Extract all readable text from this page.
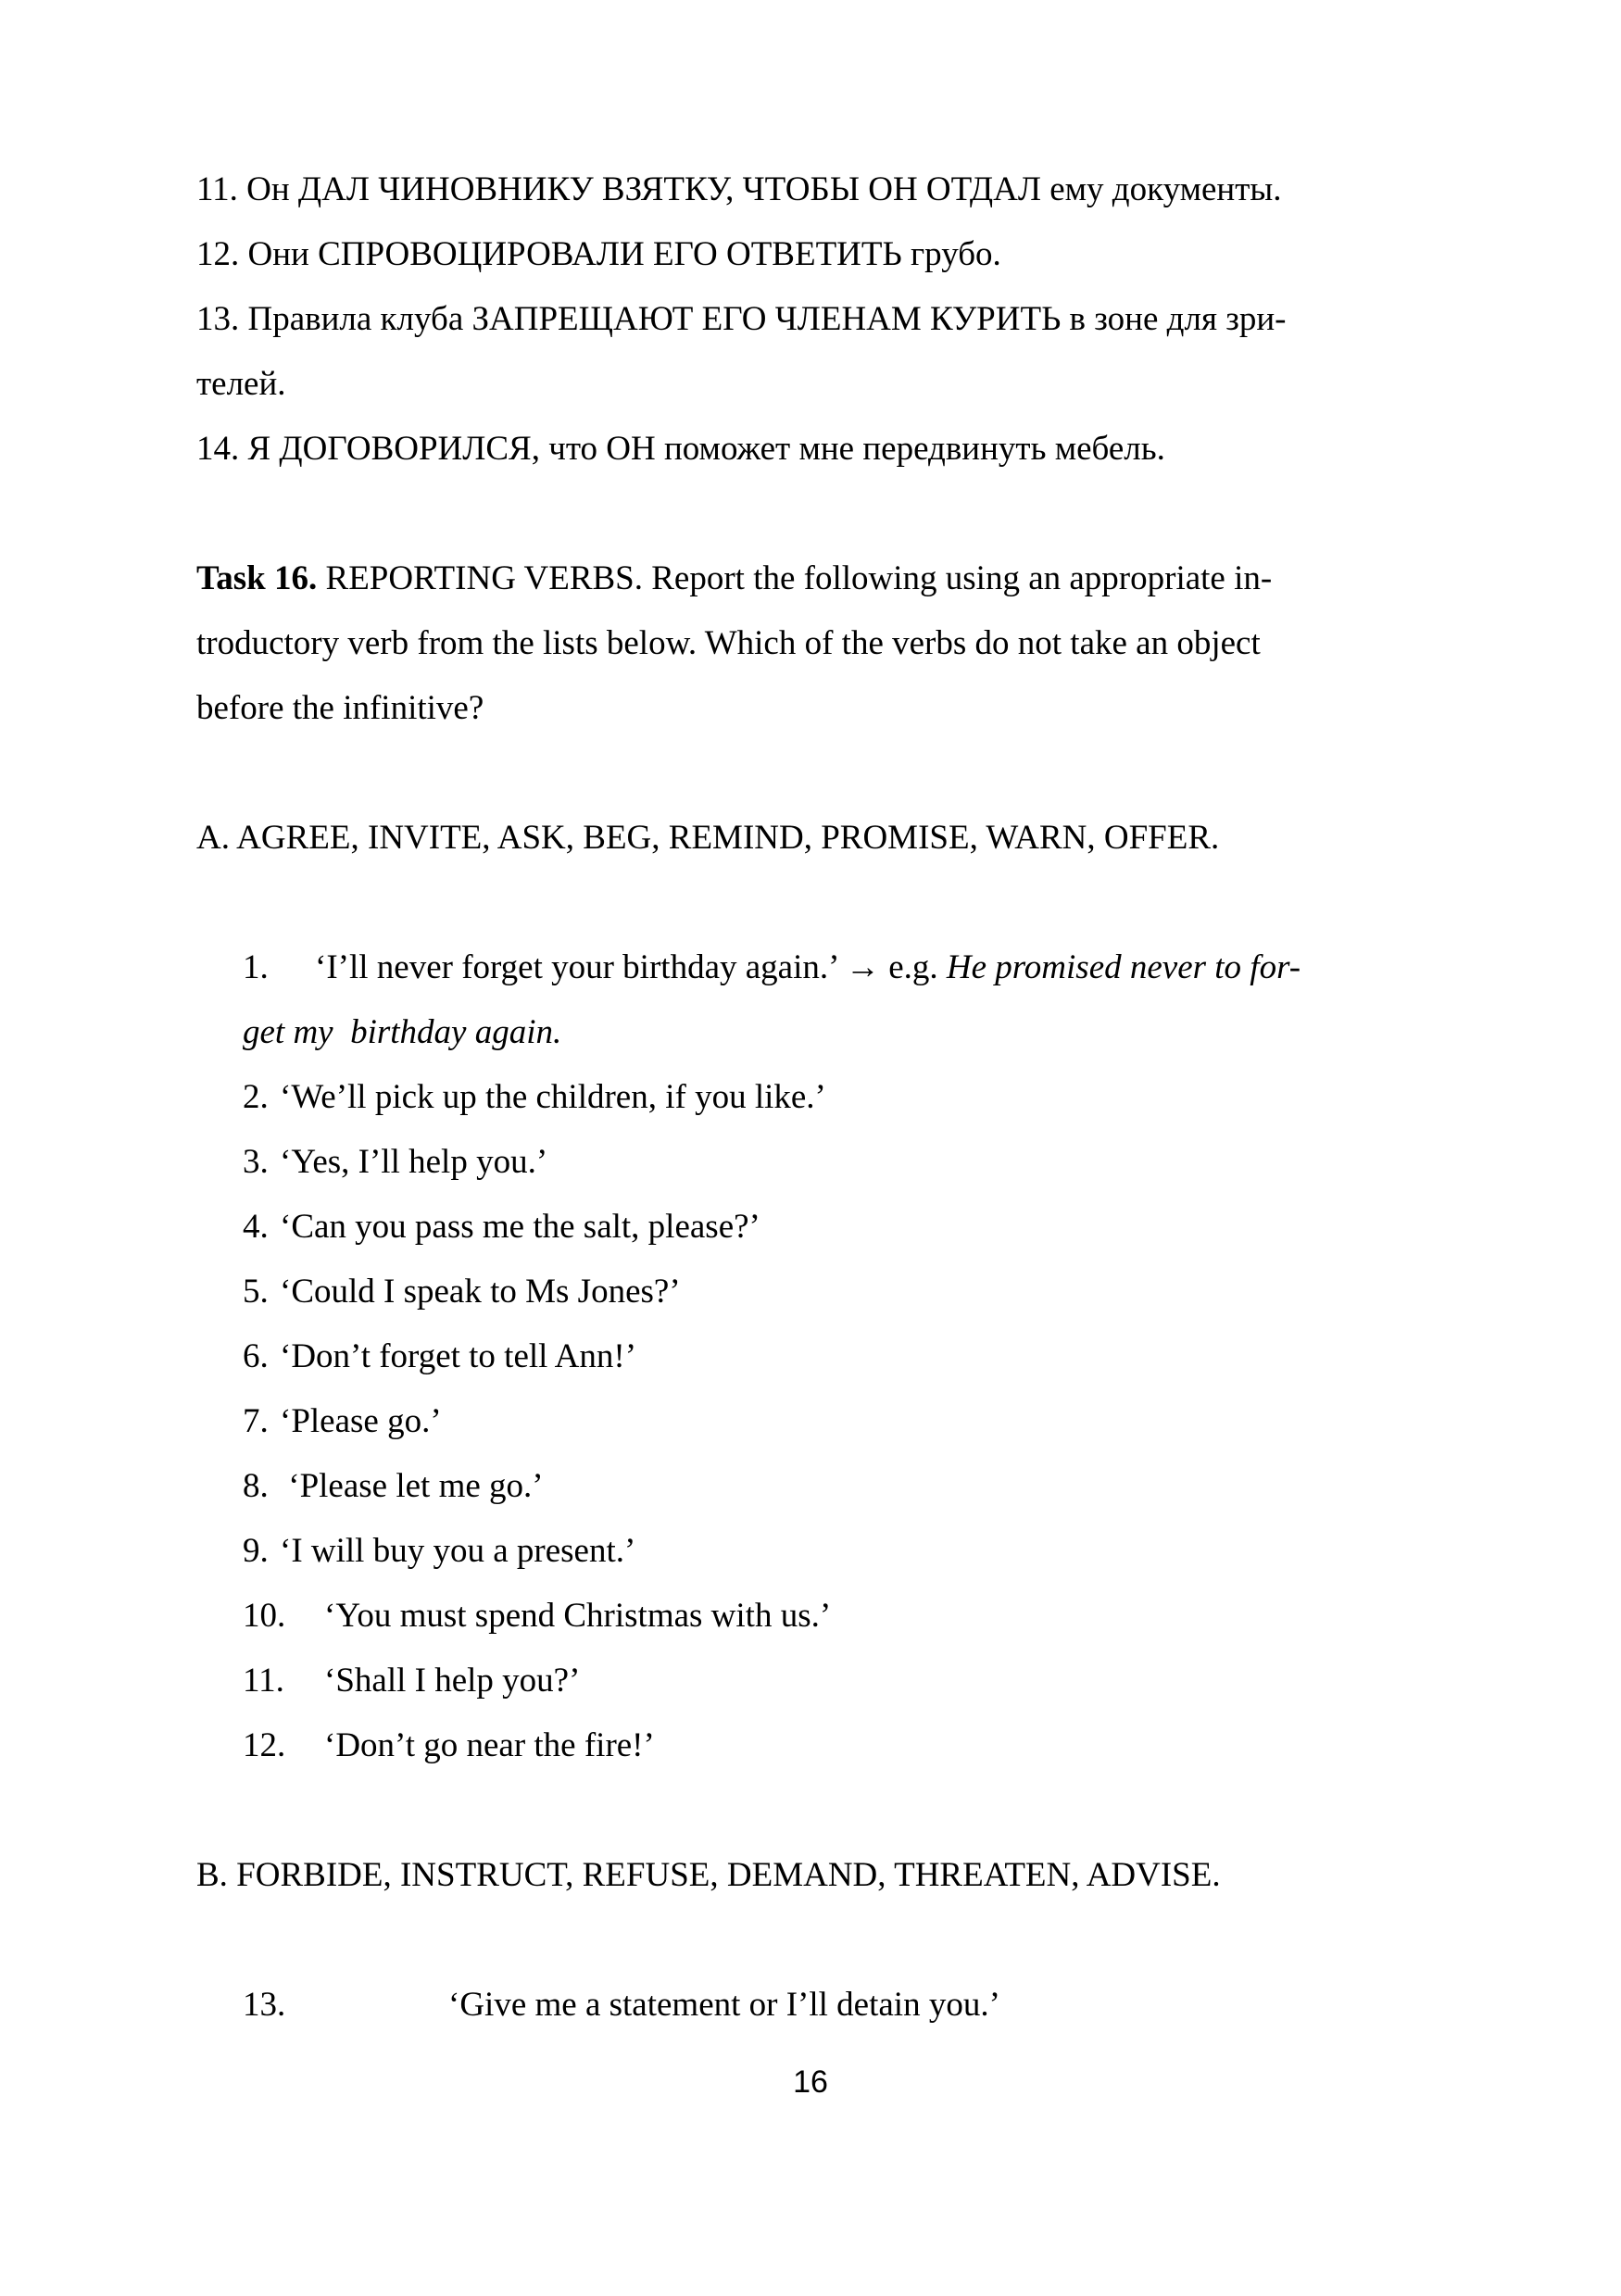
11. Он ДАЛ ЧИНОВНИКУ ВЗЯТКУ, ЧТОБЫ ОН ОТДАЛ ему документы.
12. Они СПРОВОЦИРОВАЛИ ЕГО ОТВЕТИТЬ грубо.
13. Правила клуба ЗАПРЕЩАЮТ ЕГО ЧЛЕНАМ КУРИТЬ в зоне для зри-
телей.
14. Я ДОГОВОРИЛСЯ, что ОН поможет мне передвинуть мебель.
Task 16. REPORTING VERBS. Report the following using an appropriate in-
troductory verb from the lists below. Which of the verbs do not take an object
before the infinitive?
A. AGREE, INVITE, ASK, BEG, REMIND, PROMISE, WARN, OFFER.
1.	‘I’ll never forget your birthday again.’ → e.g. He promised never to for-
get my  birthday again.
2. ‘We’ll pick up the children, if you like.’
3. ‘Yes, I’ll help you.’
4. ‘Can you pass me the salt, please?’
5. ‘Could I speak to Ms Jones?’
6. ‘Don’t forget to tell Ann!’
7. ‘Please go.’
8. ‘Please let me go.’
9. ‘I will buy you a present.’
10.	‘You must spend Christmas with us.’
11.	‘Shall I help you?’
12.	‘Don’t go near the fire!’
B. FORBIDE, INSTRUCT, REFUSE, DEMAND, THREATEN, ADVISE.
13.	‘Give me a statement or I’ll detain you.’
16
